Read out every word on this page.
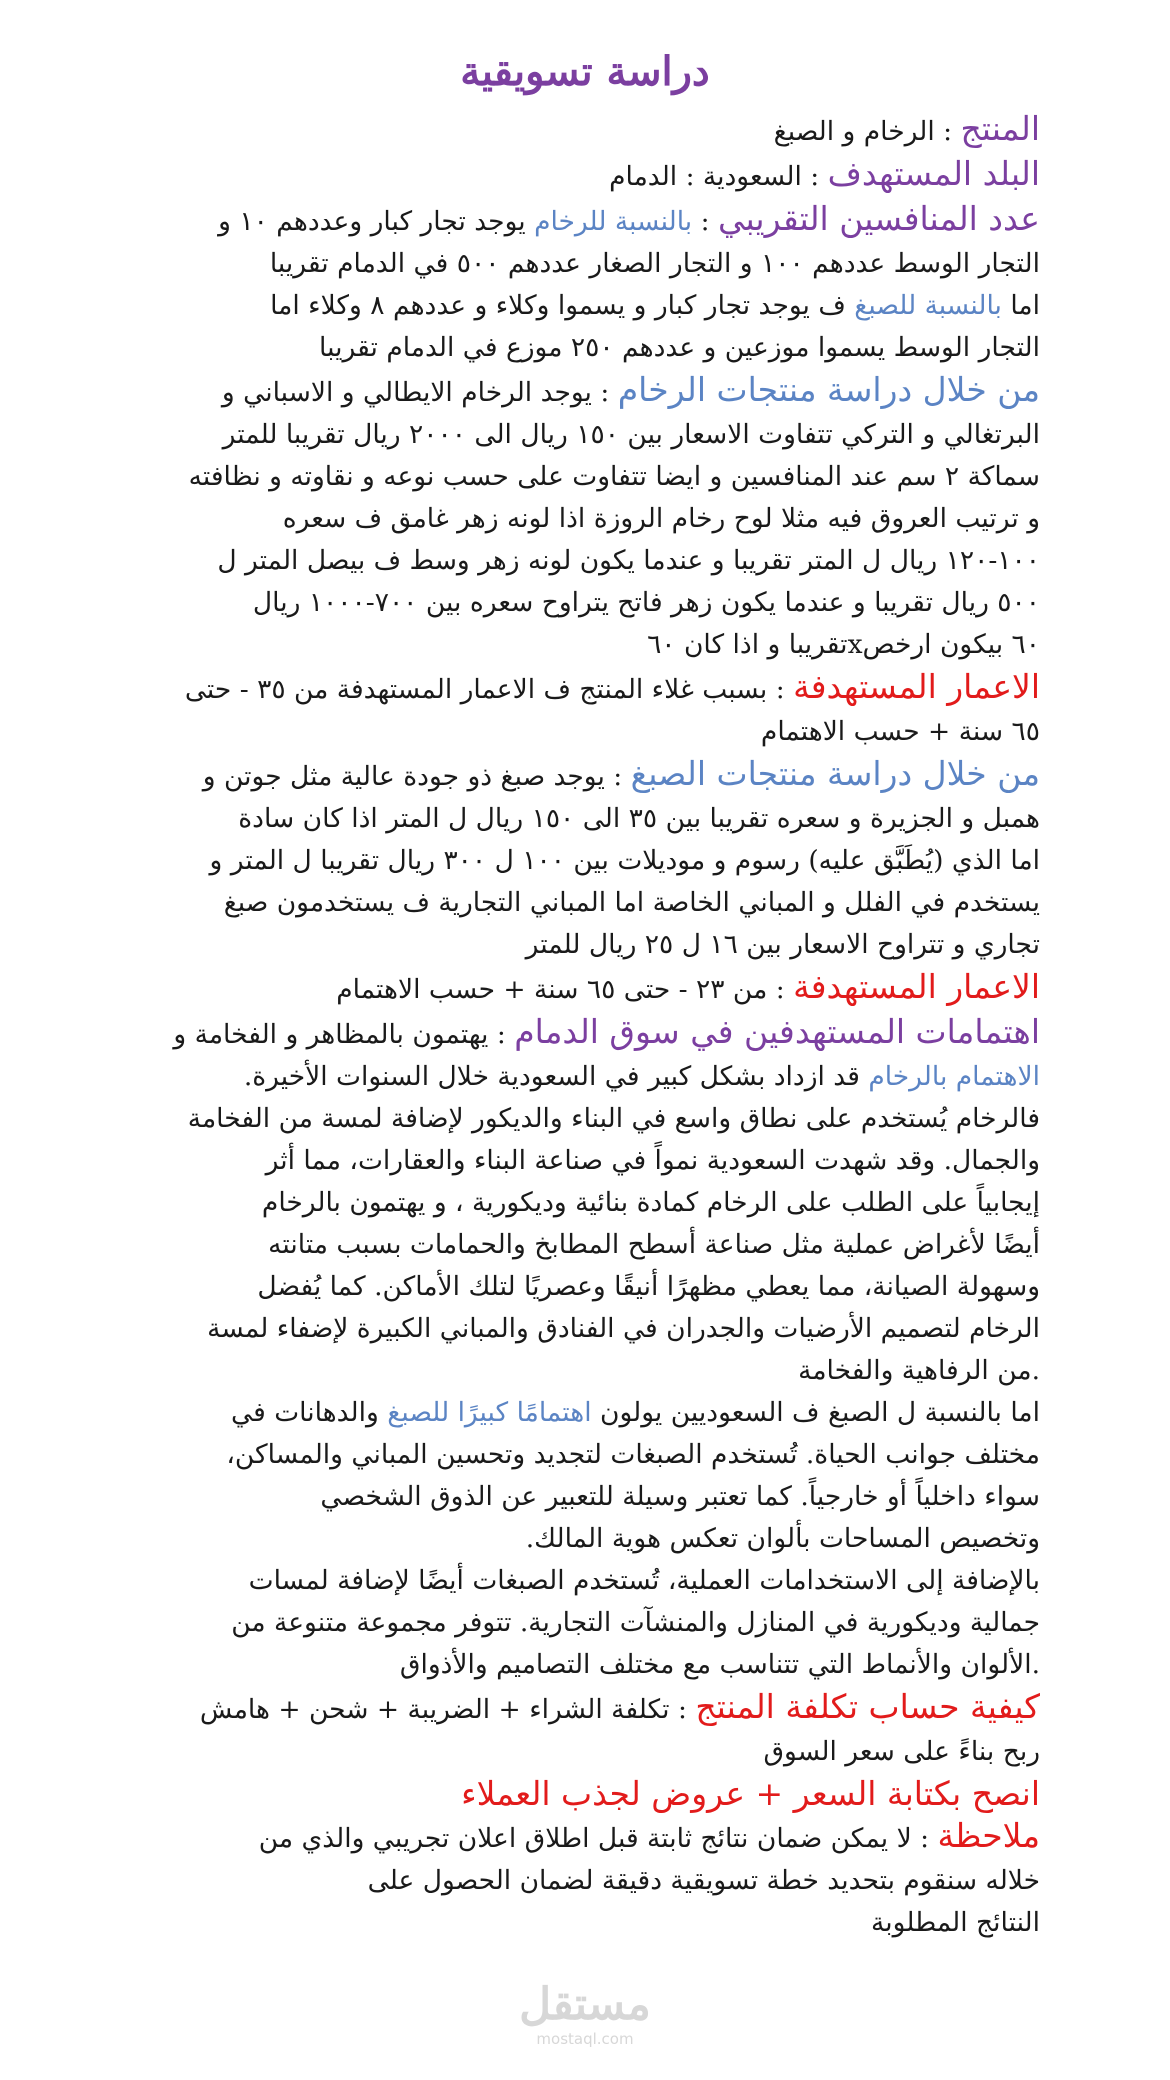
دراسة تسويقية
المنتج : الرخام و الصبغ
البلد المستهدف : السعودية : الدمام
عدد المنافسين التقريبي : بالنسبة للرخام يوجد تجار كبار وعددهم ١٠ و
التجار الوسط عددهم ١٠٠ و التجار الصغار عددهم ٥٠٠ في الدمام تقريبا
اما بالنسبة للصبغ ف يوجد تجار كبار و يسموا وكلاء و عددهم ٨ وكلاء اما
التجار الوسط يسموا موزعين و عددهم ٢٥٠ موزع في الدمام تقريبا
من خلال دراسة منتجات الرخام : يوجد الرخام الايطالي و الاسباني و
البرتغالي و التركي تتفاوت الاسعار بين ١٥٠ ريال الى ٢٠٠٠ ريال تقريبا للمتر
سماكة ٢ سم عند المنافسين و ايضا تتفاوت على حسب نوعه و نقاوته و نظافته
و ترتيب العروق فيه مثلا لوح رخام الروزة اذا لونه زهر غامق ف سعره
١٠٠-١٢٠ ريال ل المتر تقريبا و عندما يكون لونه زهر وسط ف بيصل المتر ل
٥٠٠ ريال تقريبا و عندما يكون زهر فاتح يتراوح سعره بين ٧٠٠-١٠٠٠ ريال
٦٠ بيكون ارخصxتقريبا و اذا كان ٦٠
الاعمار المستهدفة : بسبب غلاء المنتج ف الاعمار المستهدفة من ٣٥ - حتى
٦٥ سنة + حسب الاهتمام
من خلال دراسة منتجات الصبغ : يوجد صبغ ذو جودة عالية مثل جوتن و
همبل و الجزيرة و سعره تقريبا بين ٣٥ الى ١٥٠ ريال ل المتر اذا كان سادة
اما الذي (يُطَبَّق عليه) رسوم و موديلات بين ١٠٠ ل ٣٠٠ ريال تقريبا ل المتر و
يستخدم في الفلل و المباني الخاصة اما المباني التجارية ف يستخدمون صبغ
تجاري و تتراوح الاسعار بين ١٦ ل ٢٥ ريال للمتر
الاعمار المستهدفة : من ٢٣ - حتى ٦٥ سنة + حسب الاهتمام
اهتمامات المستهدفين في سوق الدمام : يهتمون بالمظاهر و الفخامة و
الاهتمام بالرخام قد ازداد بشكل كبير في السعودية خلال السنوات الأخيرة.
فالرخام يُستخدم على نطاق واسع في البناء والديكور لإضافة لمسة من الفخامة
والجمال. وقد شهدت السعودية نمواً في صناعة البناء والعقارات، مما أثر
إيجابياً على الطلب على الرخام كمادة بنائية وديكورية ، و يهتمون بالرخام
أيضًا لأغراض عملية مثل صناعة أسطح المطابخ والحمامات بسبب متانته
وسهولة الصيانة، مما يعطي مظهرًا أنيقًا وعصريًا لتلك الأماكن. كما يُفضل
الرخام لتصميم الأرضيات والجدران في الفنادق والمباني الكبيرة لإضفاء لمسة
.من الرفاهية والفخامة
اما بالنسبة ل الصبغ ف السعوديين يولون اهتمامًا كبيرًا للصبغ والدهانات في
مختلف جوانب الحياة. تُستخدم الصبغات لتجديد وتحسين المباني والمساكن،
سواء داخلياً أو خارجياً. كما تعتبر وسيلة للتعبير عن الذوق الشخصي
وتخصيص المساحات بألوان تعكس هوية المالك.
بالإضافة إلى الاستخدامات العملية، تُستخدم الصبغات أيضًا لإضافة لمسات
جمالية وديكورية في المنازل والمنشآت التجارية. تتوفر مجموعة متنوعة من
.الألوان والأنماط التي تتناسب مع مختلف التصاميم والأذواق
كيفية حساب تكلفة المنتج : تكلفة الشراء + الضريبة + شحن + هامش
ربح بناءً على سعر السوق
انصح بكتابة السعر + عروض لجذب العملاء
ملاحظة : لا يمكن ضمان نتائج ثابتة قبل اطلاق اعلان تجريبي والذي من
خلاله سنقوم بتحديد خطة تسويقية دقيقة لضمان الحصول على
النتائج المطلوبة
مستقل
mostaql.com
